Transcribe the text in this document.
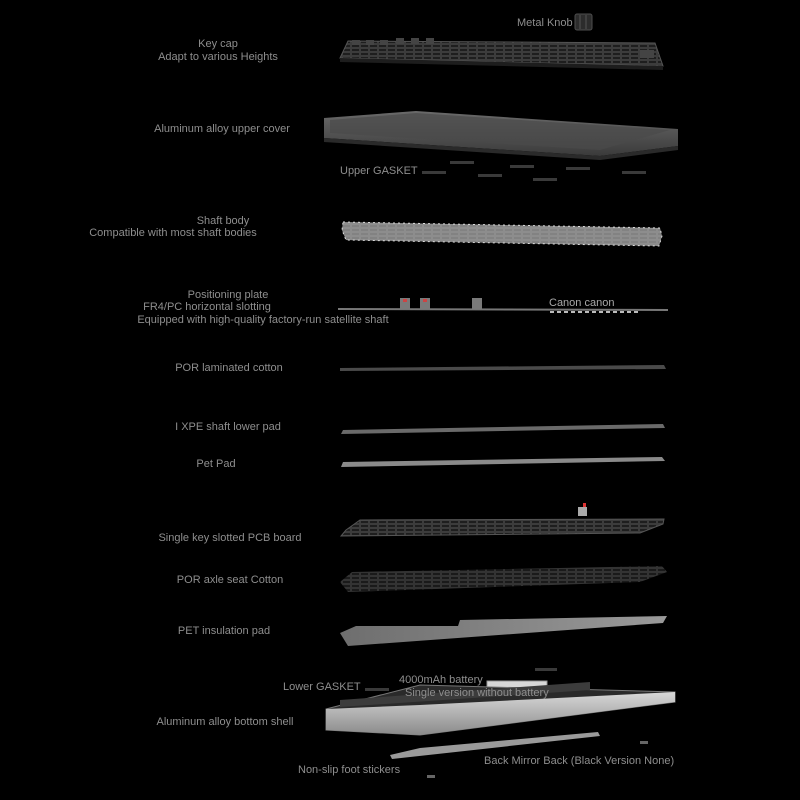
Metal Knob
Key cap
Adapt to various Heights
Aluminum alloy upper cover
Upper GASKET
Shaft body
Compatible with most shaft bodies
Positioning plate
FR4/PC horizontal slotting
Equipped with high-quality factory-run satellite shaft
Canon canon
POR laminated cotton
I XPE shaft lower pad
Pet Pad
Single key slotted PCB board
POR axle seat Cotton
PET insulation pad
Lower GASKET
4000mAh battery
Single version without battery
Aluminum alloy bottom shell
Non-slip foot stickers
Back Mirror Back (Black Version None)
